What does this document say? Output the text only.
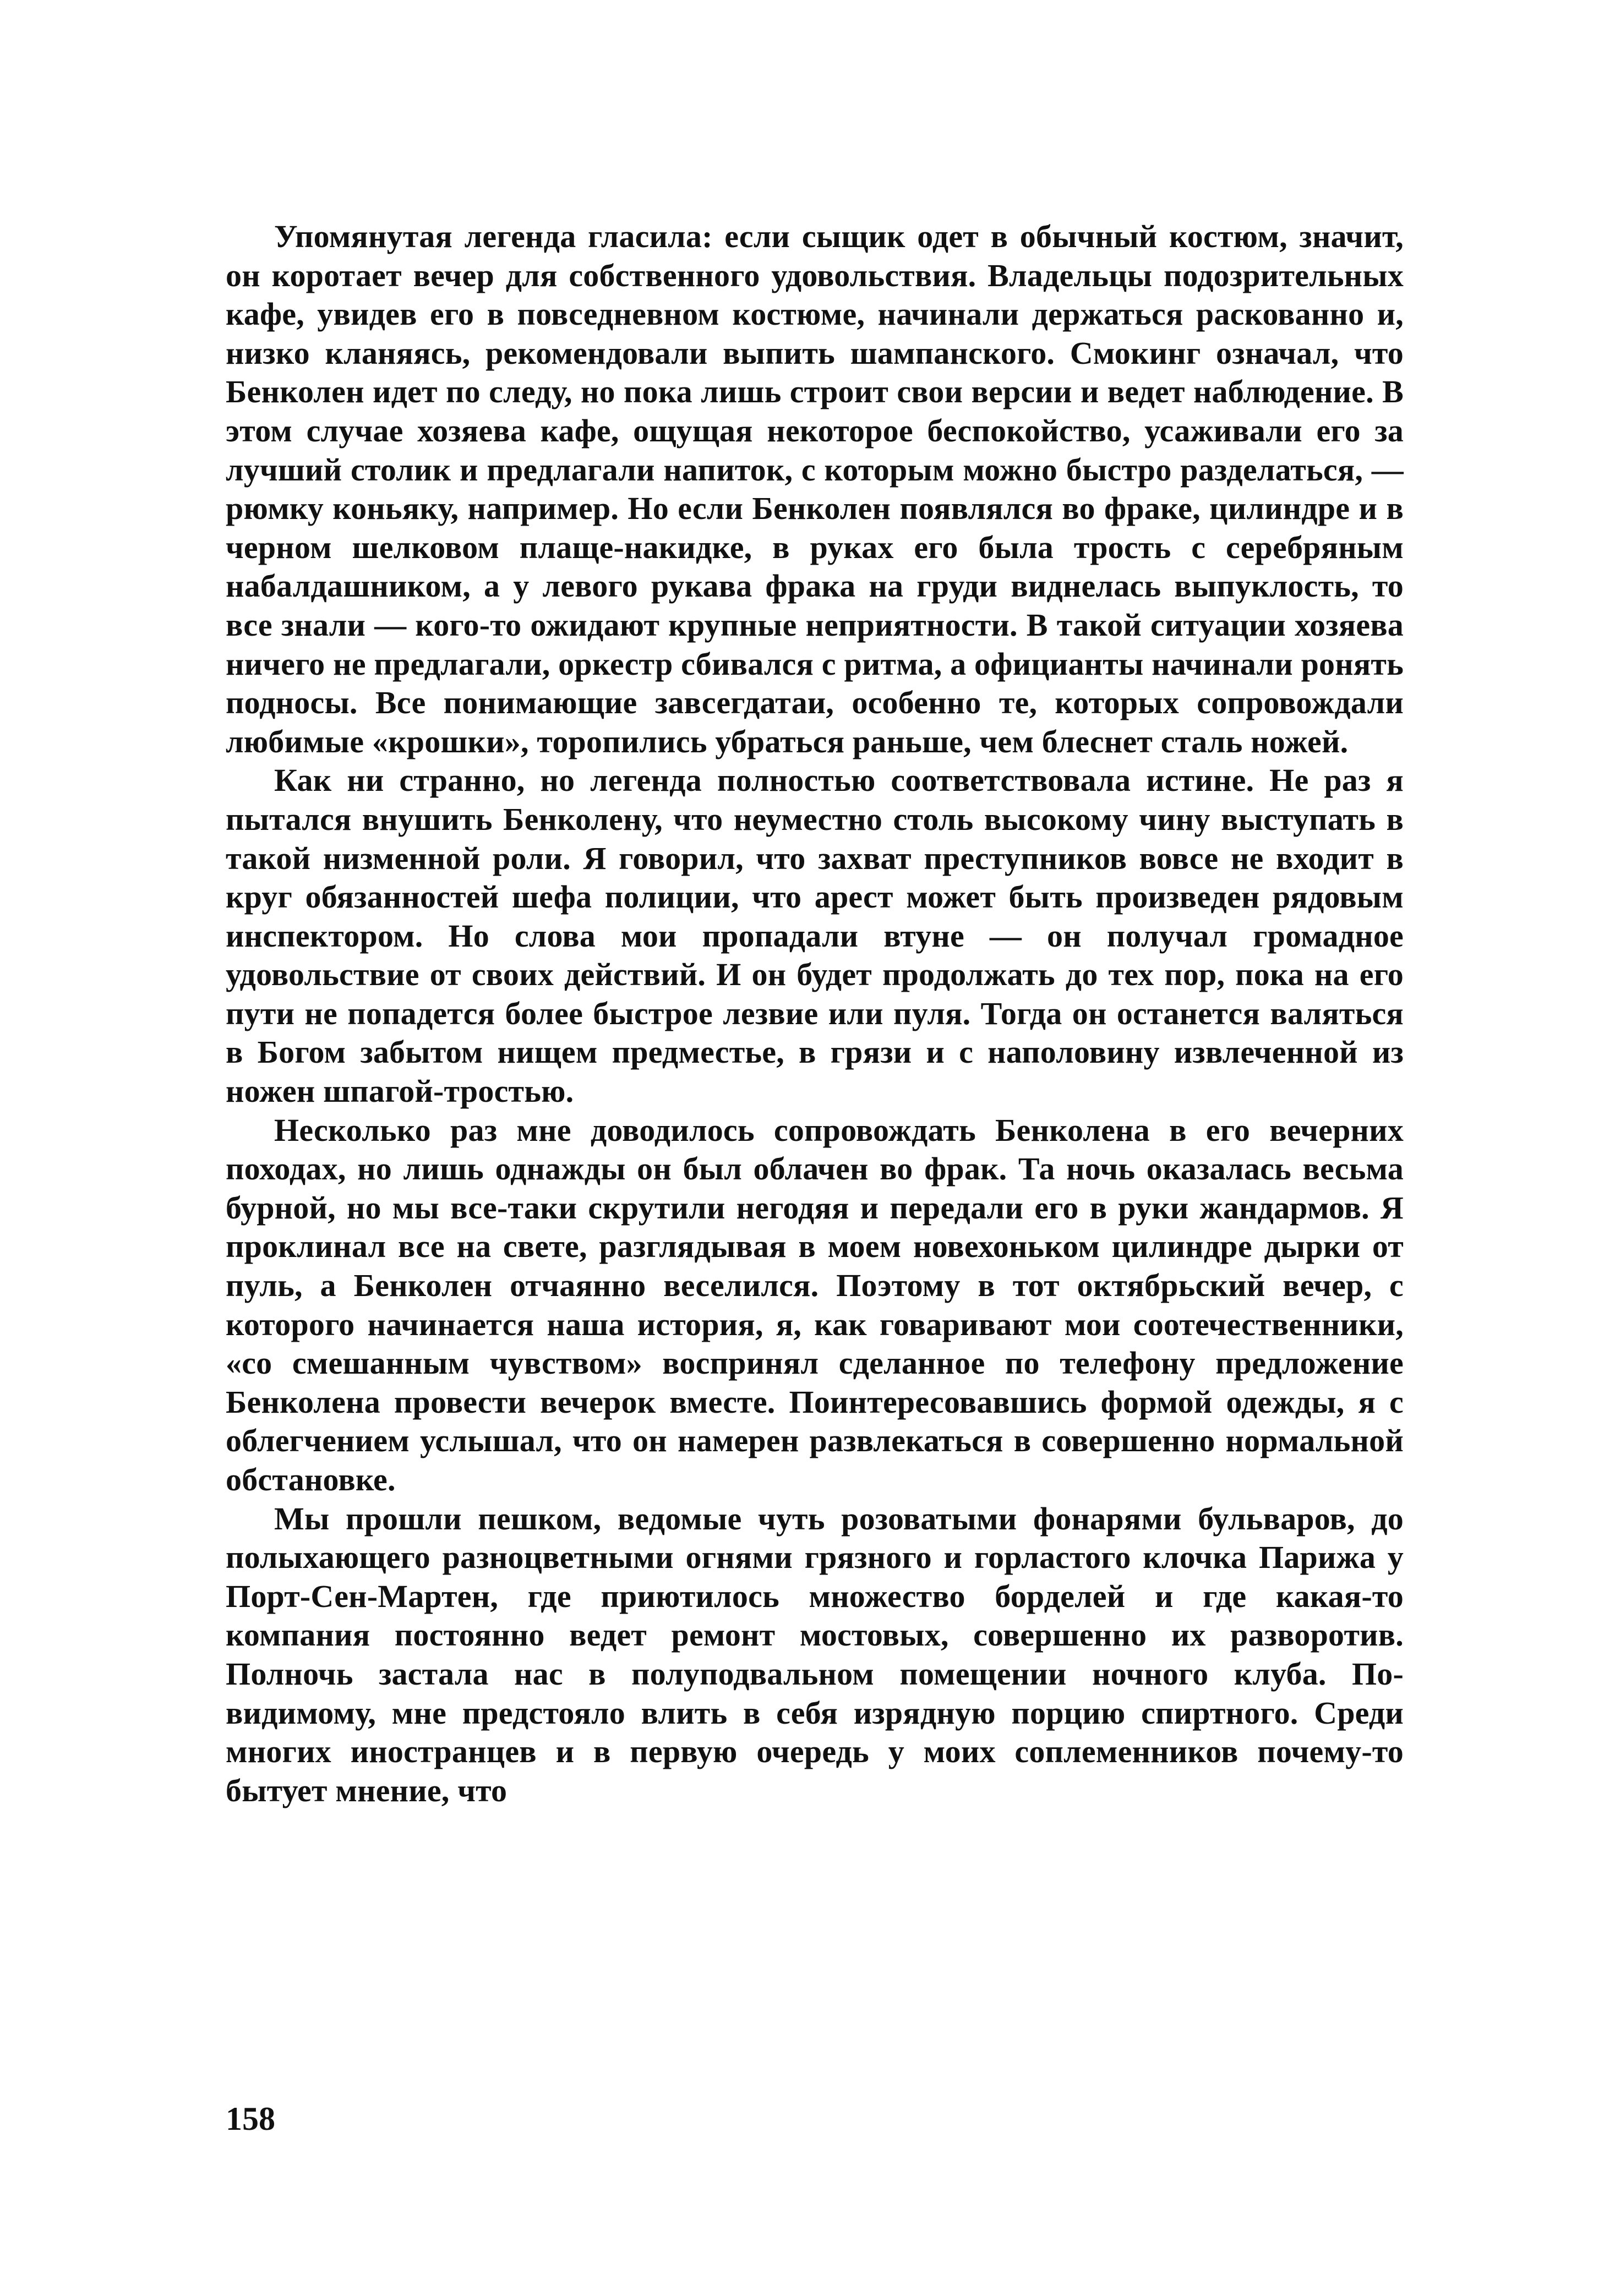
Упомянутая легенда гласила: если сыщик одет в обычный костюм, значит, он коротает вечер для собственного удовольствия. Владельцы подозрительных кафе, увидев его в повседневном костюме, начинали держаться раскованно и, низко кланяясь, рекомендовали выпить шампанского. Смокинг означал, что Бенколен идет по следу, но пока лишь строит свои версии и ведет наблюдение. В этом случае хозяева кафе, ощущая некоторое беспокойство, усаживали его за лучший столик и предлагали напиток, с которым можно быстро разделаться, — рюмку коньяку, например. Но если Бенколен появлялся во фраке, цилиндре и в черном шелковом плаще-накидке, в руках его была трость с серебряным набалдашником, а у левого рукава фрака на груди виднелась выпуклость, то все знали — кого-то ожидают крупные неприятности. В такой ситуации хозяева ничего не предлагали, оркестр сбивался с ритма, а официанты начинали ронять подносы. Все понимающие завсегдатаи, особенно те, которых сопровождали любимые «крошки», торопились убраться раньше, чем блеснет сталь ножей.

Как ни странно, но легенда полностью соответствовала истине. Не раз я пытался внушить Бенколену, что неуместно столь высокому чину выступать в такой низменной роли. Я говорил, что захват преступников вовсе не входит в круг обязанностей шефа полиции, что арест может быть произведен рядовым инспектором. Но слова мои пропадали втуне — он получал громадное удовольствие от своих действий. И он будет продолжать до тех пор, пока на его пути не попадется более быстрое лезвие или пуля. Тогда он останется валяться в Богом забытом нищем предместье, в грязи и с наполовину извлеченной из ножен шпагой-тростью.

Несколько раз мне доводилось сопровождать Бенколена в его вечерних походах, но лишь однажды он был облачен во фрак. Та ночь оказалась весьма бурной, но мы все-таки скрутили негодяя и передали его в руки жандармов. Я проклинал все на свете, разглядывая в моем новехоньком цилиндре дырки от пуль, а Бенколен отчаянно веселился. Поэтому в тот октябрьский вечер, с которого начинается наша история, я, как говаривают мои соотечественники, «со смешанным чувством» воспринял сделанное по телефону предложение Бенколена провести вечерок вместе. Поинтересовавшись формой одежды, я с облегчением услышал, что он намерен развлекаться в совершенно нормальной обстановке.

Мы прошли пешком, ведомые чуть розоватыми фонарями бульваров, до полыхающего разноцветными огнями грязного и горластого клочка Парижа у Порт-Сен-Мартен, где приютилось множество борделей и где какая-то компания постоянно ведет ремонт мостовых, совершенно их разворотив. Полночь застала нас в полуподвальном помещении ночного клуба. По-видимому, мне предстояло влить в себя изрядную порцию спиртного. Среди многих иностранцев и в первую очередь у моих соплеменников почему-то бытует мнение, что

158
